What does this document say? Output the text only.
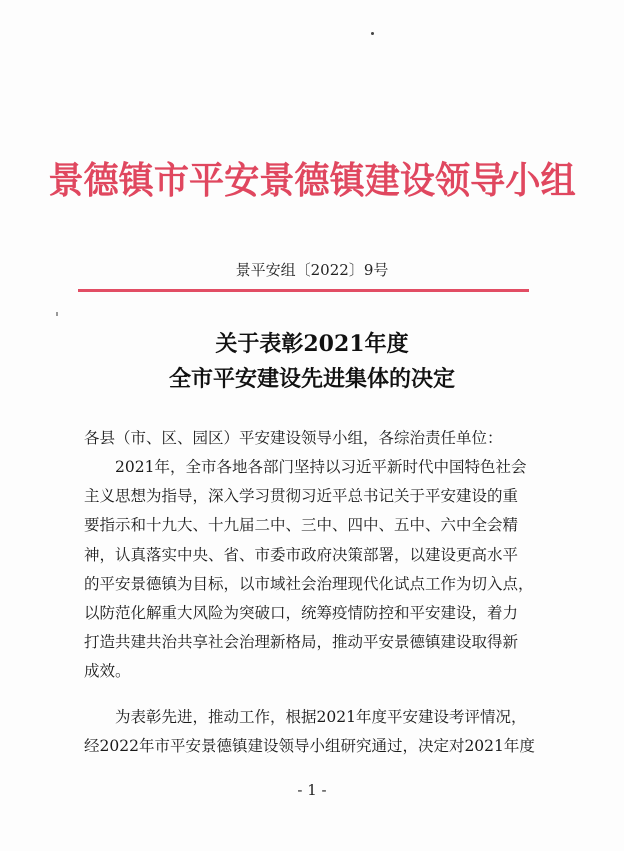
景德镇市平安景德镇建设领导小组
景平安组〔2022〕9号
关于表彰2021年度
全市平安建设先进集体的决定
各县（市、区、园区）平安建设领导小组，各综治责任单位：
　　2021年，全市各地各部门坚持以习近平新时代中国特色社会
主义思想为指导，深入学习贯彻习近平总书记关于平安建设的重
要指示和十九大、十九届二中、三中、四中、五中、六中全会精
神，认真落实中央、省、市委市政府决策部署，以建设更高水平
的平安景德镇为目标，以市域社会治理现代化试点工作为切入点，
以防范化解重大风险为突破口，统筹疫情防控和平安建设，着力
打造共建共治共享社会治理新格局，推动平安景德镇建设取得新
成效。
　　为表彰先进，推动工作，根据2021年度平安建设考评情况，
经2022年市平安景德镇建设领导小组研究通过，决定对2021年度
- 1 -
